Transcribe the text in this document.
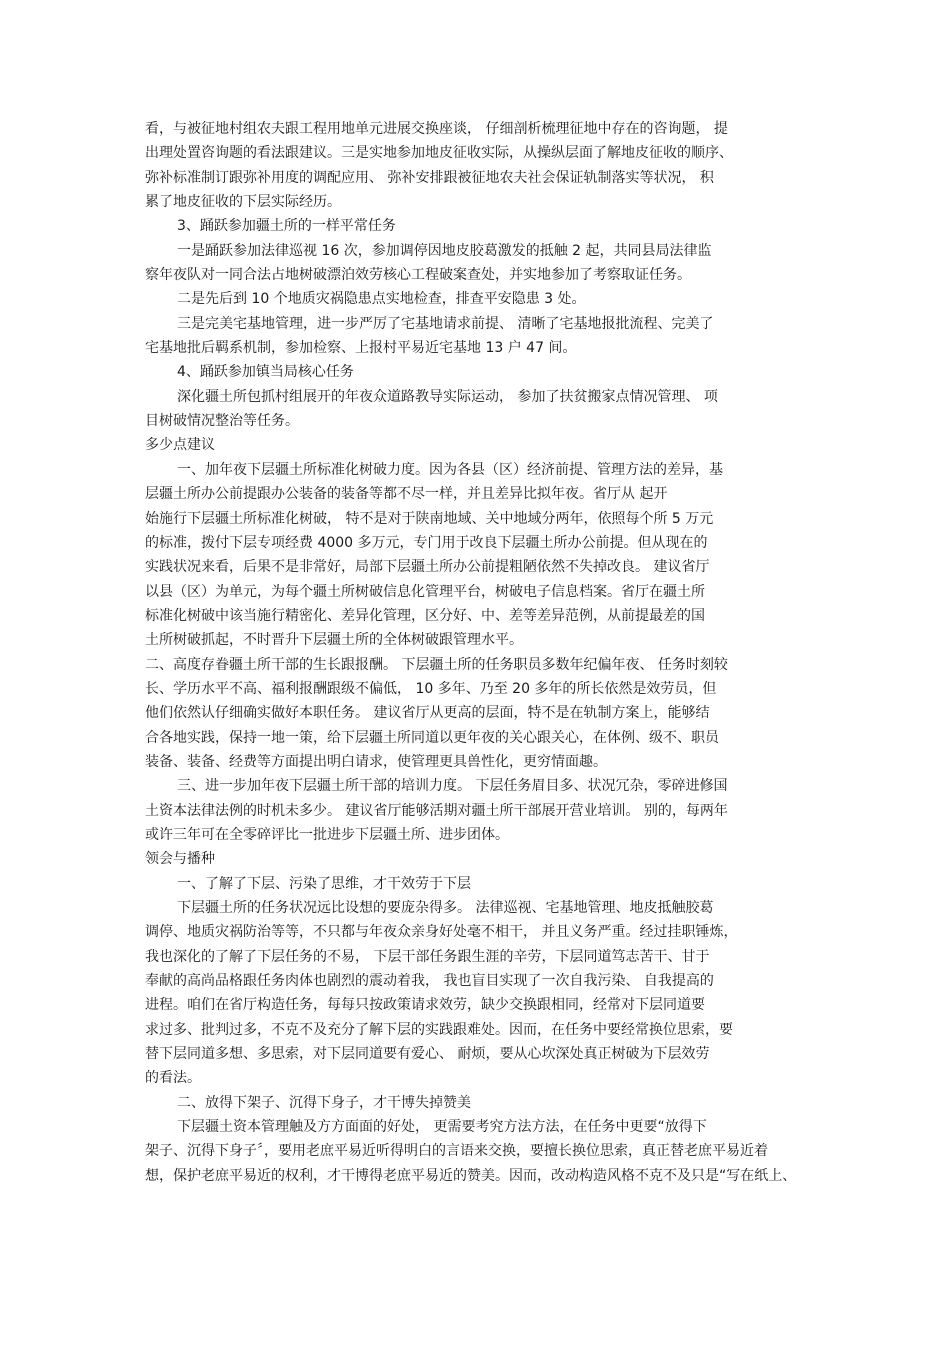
看，与被征地村组农夫跟工程用地单元进展交换座谈， 仔细剖析梳理征地中存在的咨询题， 提
出理处置咨询题的看法跟建议。三是实地参加地皮征收实际，从操纵层面了解地皮征收的顺序、
弥补标准制订跟弥补用度的调配应用、 弥补安排跟被征地农夫社会保证轨制落实等状况， 积
累了地皮征收的下层实际经历。
3、踊跃参加疆土所的一样平常任务
一是踊跃参加法律巡视 16 次，参加调停因地皮胶葛激发的抵触 2 起，共同县局法律监
察年夜队对一同合法占地树破漂泊效劳核心工程破案查处，并实地参加了考察取证任务。
二是先后到 10 个地质灾祸隐患点实地检查，排查平安隐患 3 处。
三是完美宅基地管理，进一步严厉了宅基地请求前提、 清晰了宅基地报批流程、完美了
宅基地批后羁系机制，参加检察、上报村平易近宅基地 13 户 47 间。
4、踊跃参加镇当局核心任务
深化疆土所包抓村组展开的年夜众道路教导实际运动， 参加了扶贫搬家点情况管理、 项
目树破情况整治等任务。
多少点建议
一、加年夜下层疆土所标准化树破力度。因为各县（区）经济前提、管理方法的差异，基
层疆土所办公前提跟办公装备的装备等都不尽一样，并且差异比拟年夜。省厅从 起开
始施行下层疆土所标准化树破， 特不是对于陕南地域、关中地域分两年，依照每个所 5 万元
的标准，拨付下层专项经费 4000 多万元，专门用于改良下层疆土所办公前提。但从现在的
实践状况来看，后果不是非常好，局部下层疆土所办公前提粗陋依然不失掉改良。 建议省厅
以县（区）为单元，为每个疆土所树破信息化管理平台，树破电子信息档案。省厅在疆土所
标准化树破中该当施行精密化、差异化管理，区分好、中、差等差异范例，从前提最差的国
土所树破抓起，不时晋升下层疆土所的全体树破跟管理水平。
二、高度存眷疆土所干部的生长跟报酬。 下层疆土所的任务职员多数年纪偏年夜、 任务时刻较
长、学历水平不高、福利报酬跟级不偏低， 10 多年、乃至 20 多年的所长依然是效劳员，但
他们依然认仔细确实做好本职任务。 建议省厅从更高的层面，特不是在轨制方案上，能够结
合各地实践，保持一地一策，给下层疆土所同道以更年夜的关心跟关心，在体例、级不、职员
装备、装备、经费等方面提出明白请求，使管理更具兽性化，更穷情面趣。
三、进一步加年夜下层疆土所干部的培训力度。 下层任务眉目多、状况冗杂，零碎进修国
土资本法律法例的时机未多少。 建议省厅能够活期对疆土所干部展开营业培训。 别的，每两年
或许三年可在全零碎评比一批进步下层疆土所、进步团体。
领会与播种
一、了解了下层、污染了思维，才干效劳于下层
下层疆土所的任务状况远比设想的要庞杂得多。 法律巡视、宅基地管理、地皮抵触胶葛
调停、地质灾祸防治等等，不只都与年夜众亲身好处毫不相干， 并且义务严重。经过挂职锤炼，
我也深化的了解了下层任务的不易， 下层干部任务跟生涯的辛劳，下层同道笃志苦干、甘于
奉献的高尚品格跟任务肉体也剧烈的震动着我， 我也盲目实现了一次自我污染、 自我提高的
进程。咱们在省厅构造任务，每每只按政策请求效劳，缺少交换跟相同，经常对下层同道要
求过多、批判过多，不克不及充分了解下层的实践跟难处。因而，在任务中要经常换位思索，要
替下层同道多想、多思索，对下层同道要有爱心、 耐烦，要从心坎深处真正树破为下层效劳
的看法。
二、放得下架子、沉得下身子，才干博失掉赞美
下层疆土资本管理触及方方面面的好处， 更需要考究方法方法，在任务中更要“放得下
架子、沉得下身子〞，要用老庶平易近听得明白的言语来交换，要擅长换位思索，真正替老庶平易近着
想，保护老庶平易近的权利，才干博得老庶平易近的赞美。因而，改动构造风格不克不及只是“写在纸上、
